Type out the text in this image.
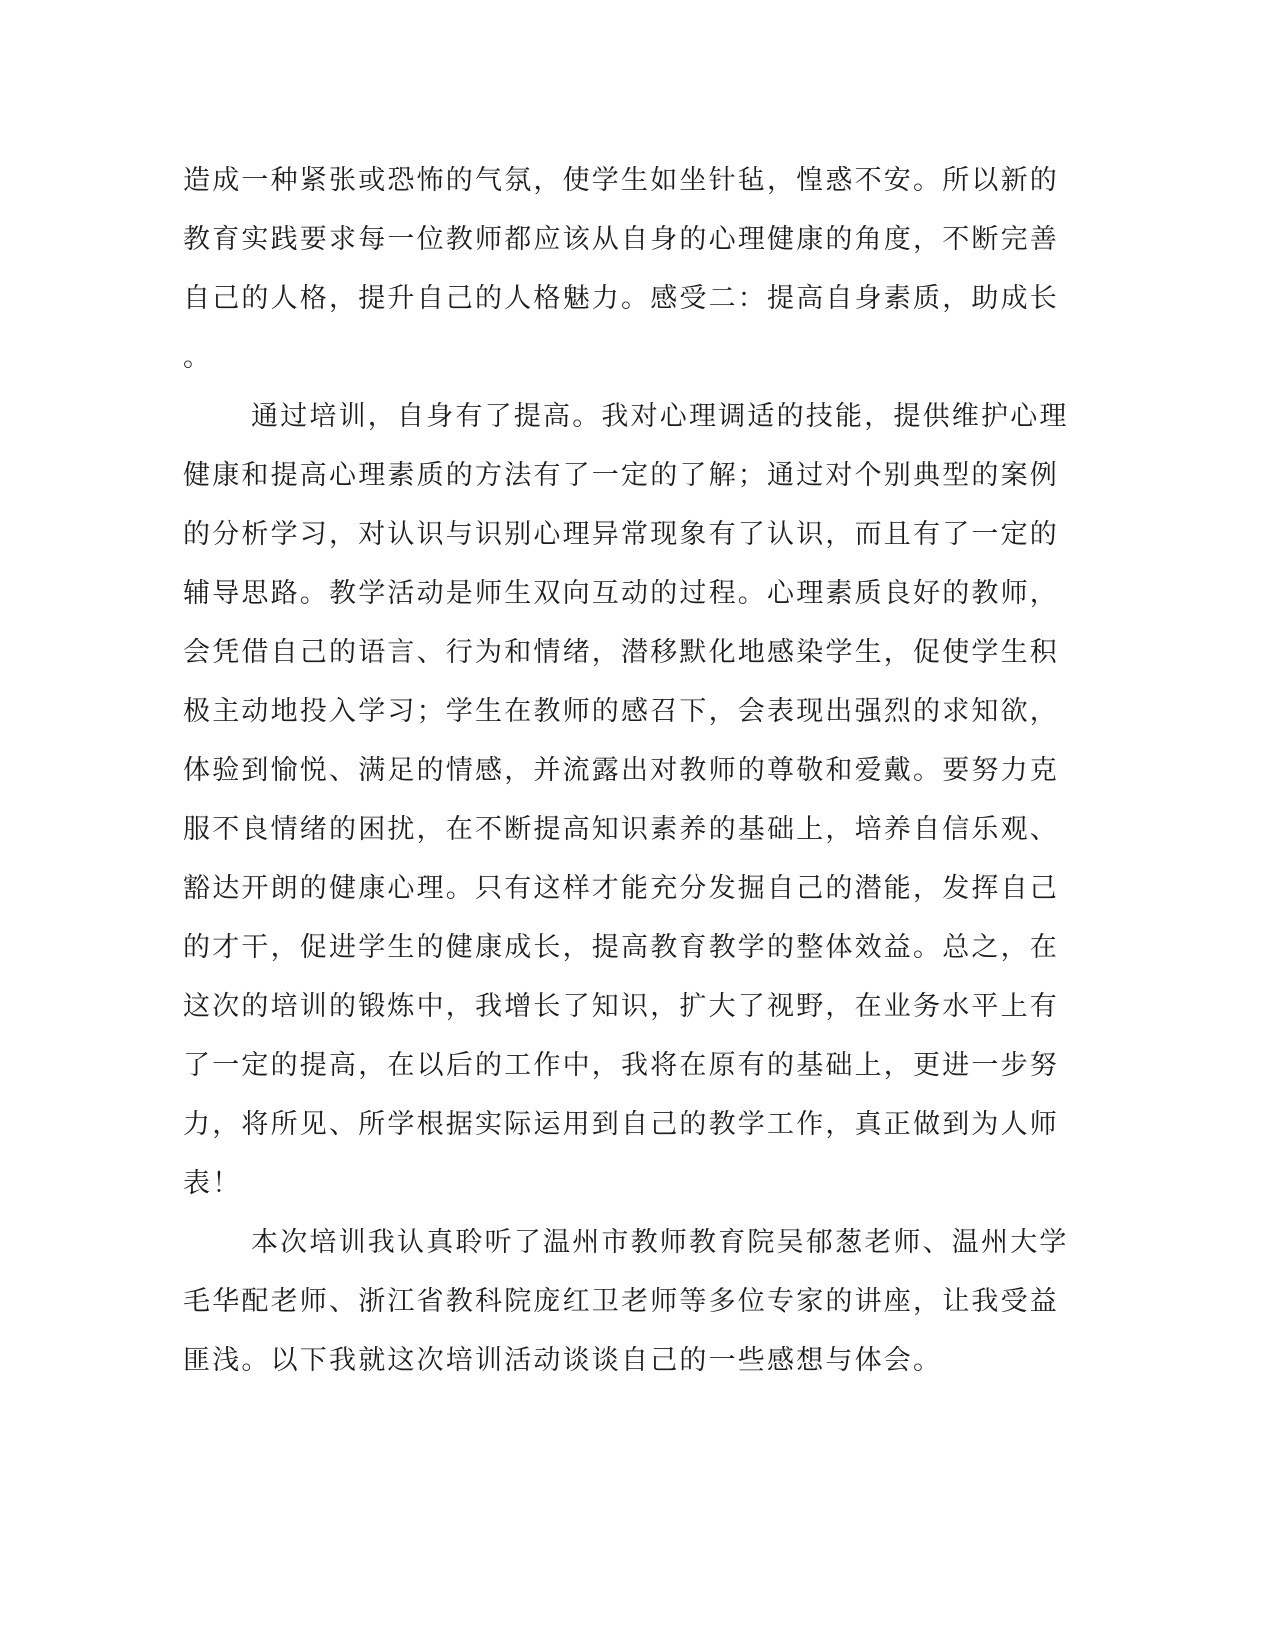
造成一种紧张或恐怖的气氛，使学生如坐针毡，惶惑不安。所以新的
教育实践要求每一位教师都应该从自身的心理健康的角度，不断完善
自己的人格，提升自己的人格魅力。感受二：提高自身素质，助成长
。
通过培训，自身有了提高。我对心理调适的技能，提供维护心理
健康和提高心理素质的方法有了一定的了解；通过对个别典型的案例
的分析学习，对认识与识别心理异常现象有了认识，而且有了一定的
辅导思路。教学活动是师生双向互动的过程。心理素质良好的教师，
会凭借自己的语言、行为和情绪，潜移默化地感染学生，促使学生积
极主动地投入学习；学生在教师的感召下，会表现出强烈的求知欲，
体验到愉悦、满足的情感，并流露出对教师的尊敬和爱戴。要努力克
服不良情绪的困扰，在不断提高知识素养的基础上，培养自信乐观、
豁达开朗的健康心理。只有这样才能充分发掘自己的潜能，发挥自己
的才干，促进学生的健康成长，提高教育教学的整体效益。总之，在
这次的培训的锻炼中，我增长了知识，扩大了视野，在业务水平上有
了一定的提高，在以后的工作中，我将在原有的基础上，更进一步努
力，将所见、所学根据实际运用到自己的教学工作，真正做到为人师
表！
本次培训我认真聆听了温州市教师教育院吴郁葱老师、温州大学
毛华配老师、浙江省教科院庞红卫老师等多位专家的讲座，让我受益
匪浅。以下我就这次培训活动谈谈自己的一些感想与体会。
